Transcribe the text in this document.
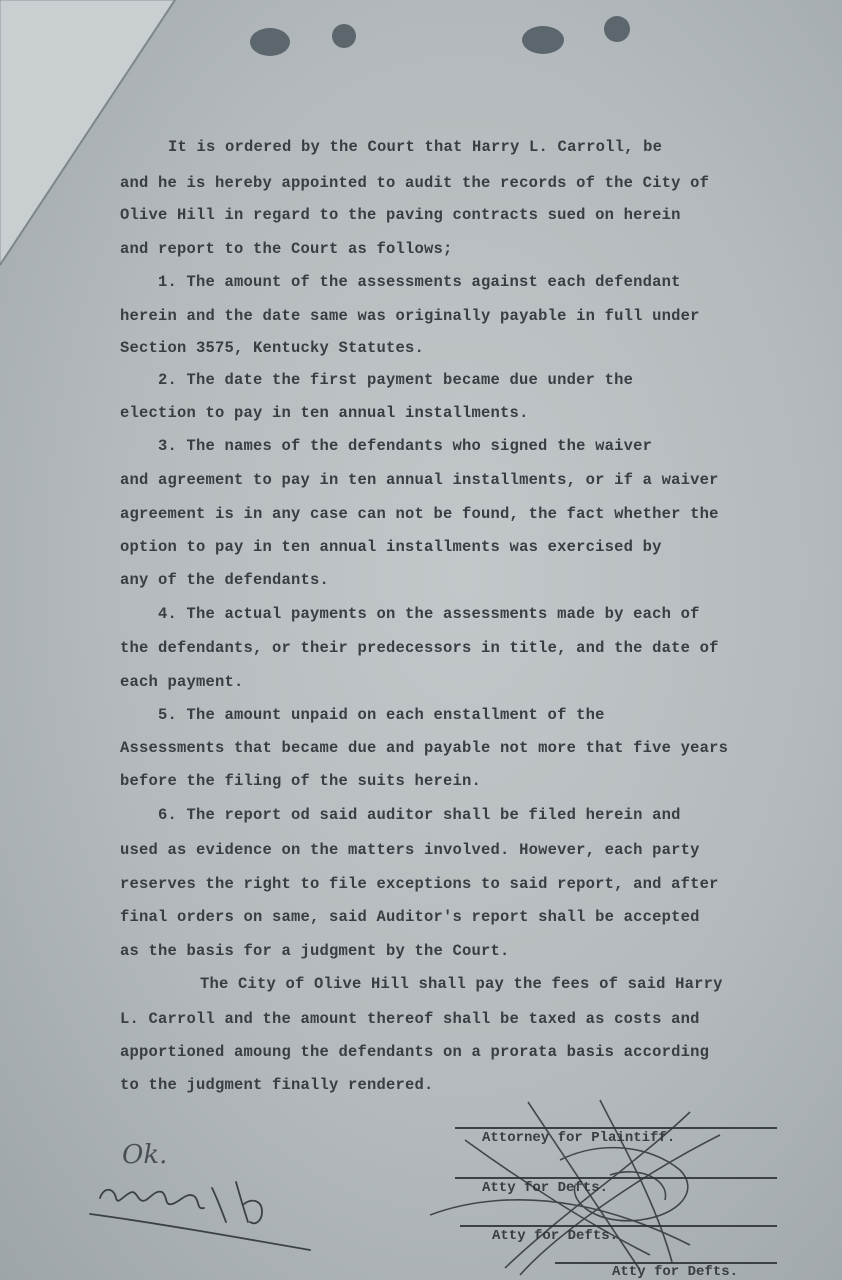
It is ordered by the Court that Harry L. Carroll, be
and he is hereby appointed to audit the records of the City of
Olive Hill in regard to the paving contracts sued on herein
and report to the Court as follows;
1. The amount of the assessments against each defendant
herein and the date same was originally payable in full under
Section 3575, Kentucky Statutes.
2. The date the first payment became due under the
election to pay in ten annual installments.
3. The names of the defendants who signed the waiver
and agreement to pay in ten annual installments, or if a waiver
agreement is in any case can not be found, the fact whether the
option to pay in ten annual installments was exercised by
any of the defendants.
4. The actual payments on the assessments made by each of
the defendants, or their predecessors in title, and the date of
each payment.
5. The amount unpaid on each enstallment of the
Assessments that became due and payable not more that five years
before the filing of the suits herein.
6. The report od said auditor shall be filed herein and
used as evidence on the matters involved. However, each party
reserves the right to file exceptions to said report, and after
final orders on same, said Auditor's report shall be accepted
as the basis for a judgment by the Court.
The City of Olive Hill shall pay the fees of said Harry
L. Carroll and the amount thereof shall be taxed as costs and
apportioned amoung the defendants on a prorata basis according
to the judgment finally rendered.
Attorney for Plaintiff.
Atty for Defts.
Atty for Defts.
Atty for Defts.
Ok.
